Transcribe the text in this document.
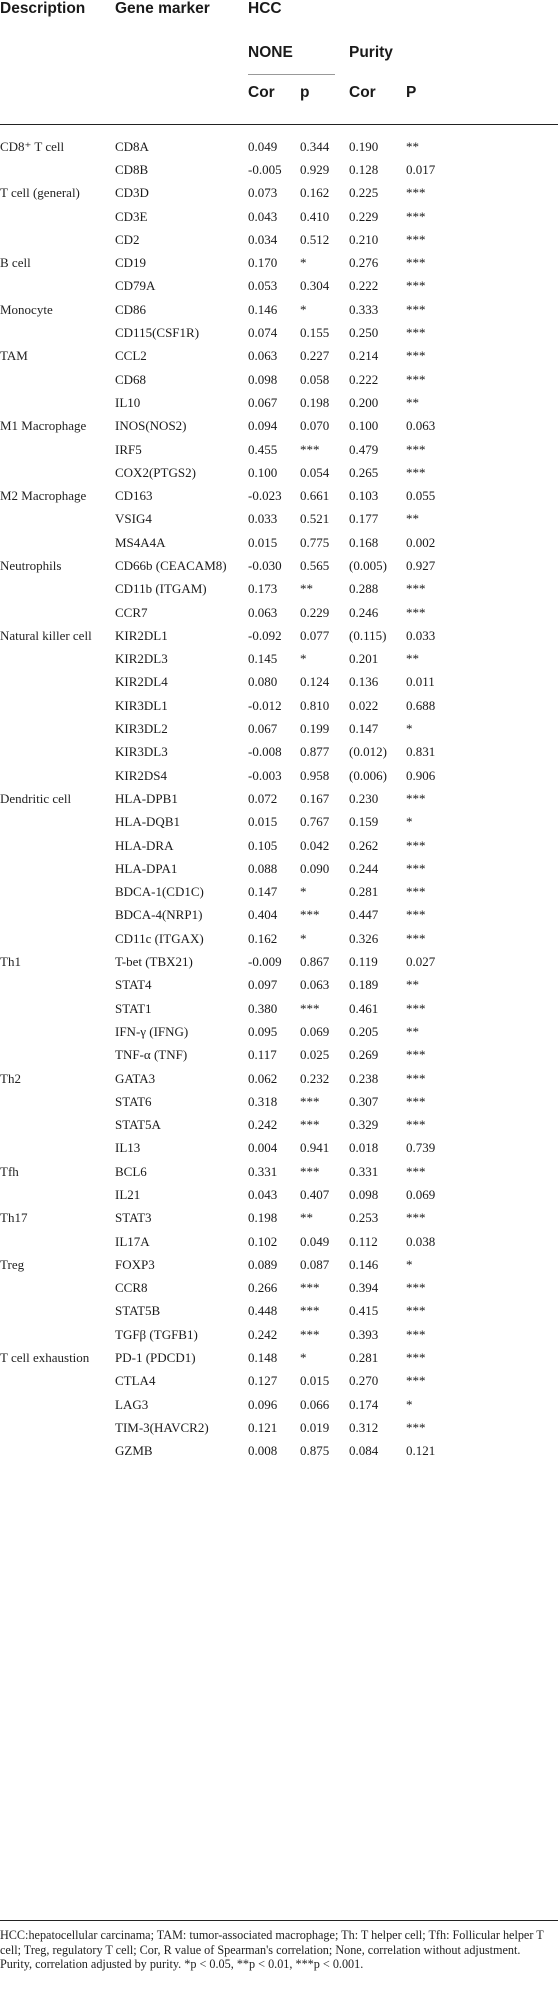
Description	Gene marker	HCC			

		NONE		Purity	
		Cor	p	Cor	P
CD8⁺ T cell	CD8A	0.049	0.344	0.190	**
	CD8B	-0.005	0.929	0.128	0.017
T cell (general)	CD3D	0.073	0.162	0.225	***
	CD3E	0.043	0.410	0.229	***
	CD2	0.034	0.512	0.210	***
B cell	CD19	0.170	*	0.276	***
	CD79A	0.053	0.304	0.222	***
Monocyte	CD86	0.146	*	0.333	***
	CD115(CSF1R)	0.074	0.155	0.250	***
TAM	CCL2	0.063	0.227	0.214	***
	CD68	0.098	0.058	0.222	***
	IL10	0.067	0.198	0.200	**
M1 Macrophage	INOS(NOS2)	0.094	0.070	0.100	0.063
	IRF5	0.455	***	0.479	***
	COX2(PTGS2)	0.100	0.054	0.265	***
M2 Macrophage	CD163	-0.023	0.661	0.103	0.055
	VSIG4	0.033	0.521	0.177	**
	MS4A4A	0.015	0.775	0.168	0.002
Neutrophils	CD66b (CEACAM8)	-0.030	0.565	(0.005)	0.927
	CD11b (ITGAM)	0.173	**	0.288	***
	CCR7	0.063	0.229	0.246	***
Natural killer cell	KIR2DL1	-0.092	0.077	(0.115)	0.033
	KIR2DL3	0.145	*	0.201	**
	KIR2DL4	0.080	0.124	0.136	0.011
	KIR3DL1	-0.012	0.810	0.022	0.688
	KIR3DL2	0.067	0.199	0.147	*
	KIR3DL3	-0.008	0.877	(0.012)	0.831
	KIR2DS4	-0.003	0.958	(0.006)	0.906
Dendritic cell	HLA-DPB1	0.072	0.167	0.230	***
	HLA-DQB1	0.015	0.767	0.159	*
	HLA-DRA	0.105	0.042	0.262	***
	HLA-DPA1	0.088	0.090	0.244	***
	BDCA-1(CD1C)	0.147	*	0.281	***
	BDCA-4(NRP1)	0.404	***	0.447	***
	CD11c (ITGAX)	0.162	*	0.326	***
Th1	T-bet (TBX21)	-0.009	0.867	0.119	0.027
	STAT4	0.097	0.063	0.189	**
	STAT1	0.380	***	0.461	***
	IFN-γ (IFNG)	0.095	0.069	0.205	**
	TNF-α (TNF)	0.117	0.025	0.269	***
Th2	GATA3	0.062	0.232	0.238	***
	STAT6	0.318	***	0.307	***
	STAT5A	0.242	***	0.329	***
	IL13	0.004	0.941	0.018	0.739
Tfh	BCL6	0.331	***	0.331	***
	IL21	0.043	0.407	0.098	0.069
Th17	STAT3	0.198	**	0.253	***
	IL17A	0.102	0.049	0.112	0.038
Treg	FOXP3	0.089	0.087	0.146	*
	CCR8	0.266	***	0.394	***
	STAT5B	0.448	***	0.415	***
	TGFβ (TGFB1)	0.242	***	0.393	***
T cell exhaustion	PD-1 (PDCD1)	0.148	*	0.281	***
	CTLA4	0.127	0.015	0.270	***
	LAG3	0.096	0.066	0.174	*
	TIM-3(HAVCR2)	0.121	0.019	0.312	***
	GZMB	0.008	0.875	0.084	0.121
HCC:hepatocellular carcinama; TAM: tumor-associated macrophage; Th: T helper cell; Tfh: Follicular helper T cell; Treg, regulatory T cell; Cor, R value of Spearman's correlation; None, correlation without adjustment. Purity, correlation adjusted by purity. *p < 0.05, **p < 0.01, ***p < 0.001.
